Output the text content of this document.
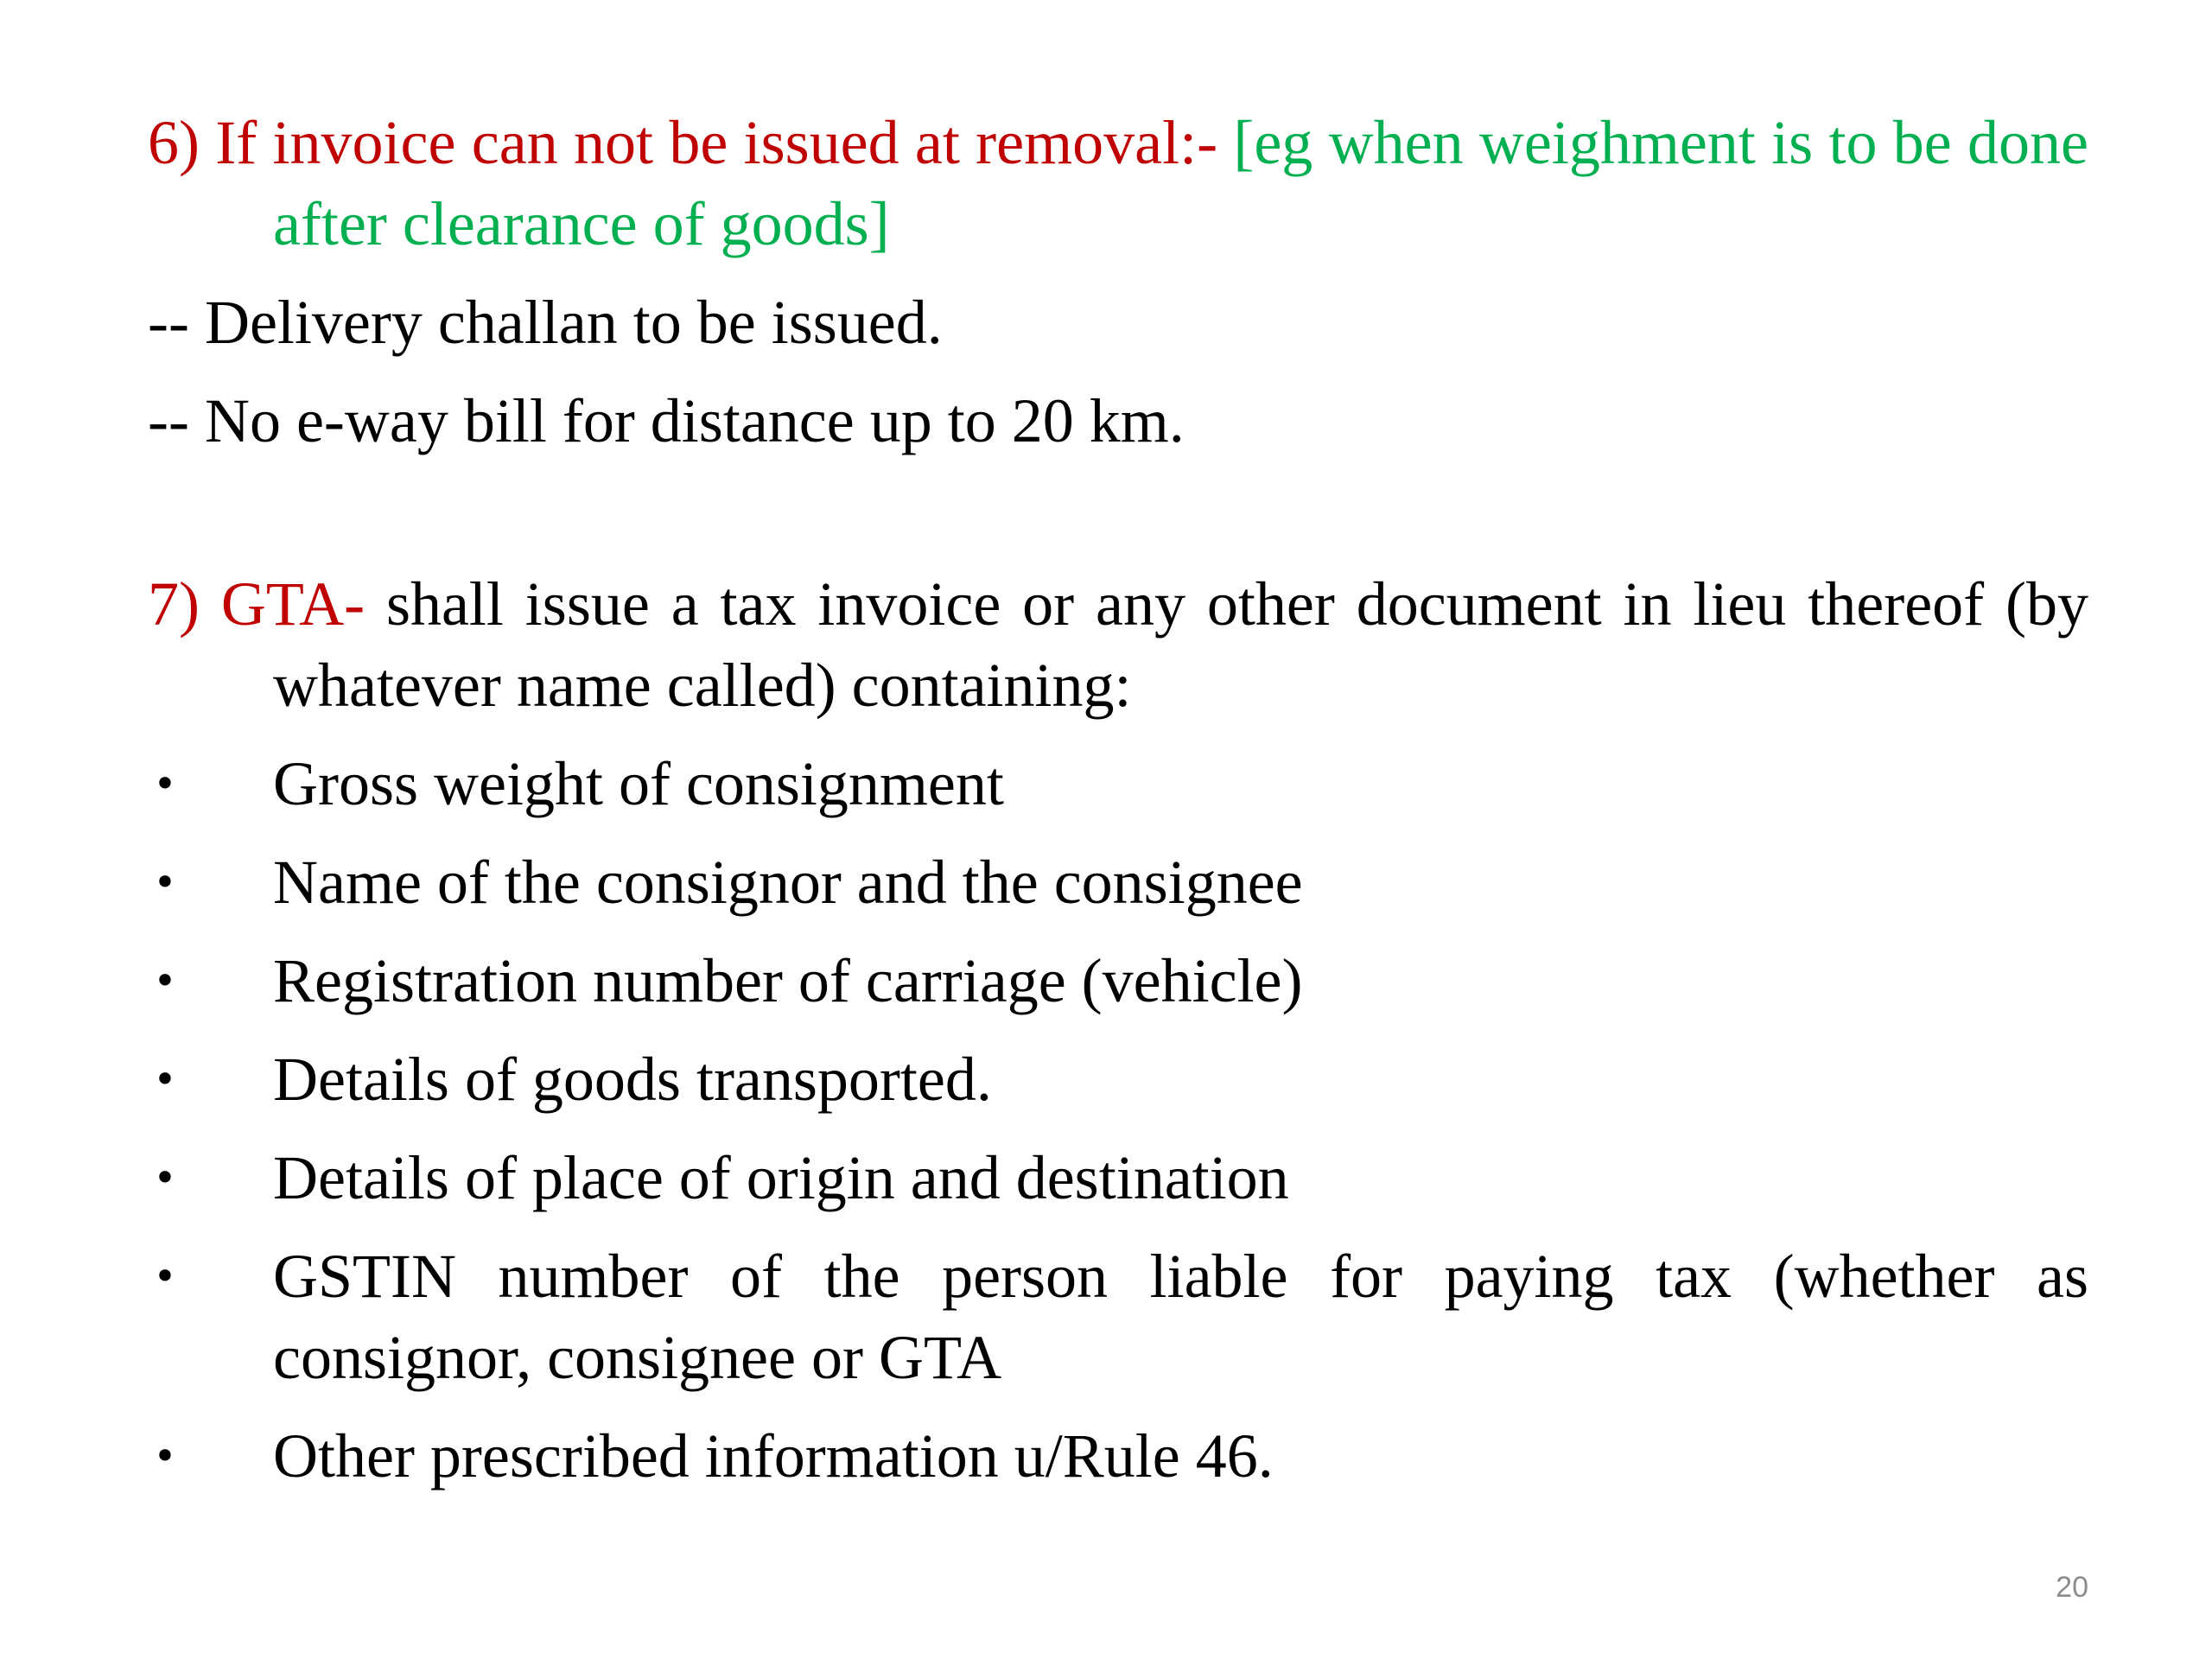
6) If invoice can not be issued at removal:- [eg when weighment is to be done after clearance of goods]

-- Delivery challan to be issued.

-- No e-way bill for distance up to 20 km.

7) GTA- shall issue a tax invoice or any other document in lieu thereof (by whatever name called) containing:

• Gross weight of consignment
• Name of the consignor and the consignee
• Registration number of carriage (vehicle)
• Details of goods transported.
• Details of place of origin and destination
• GSTIN number of the person liable for paying tax (whether as consignor, consignee or GTA
• Other prescribed information u/Rule 46.
20
